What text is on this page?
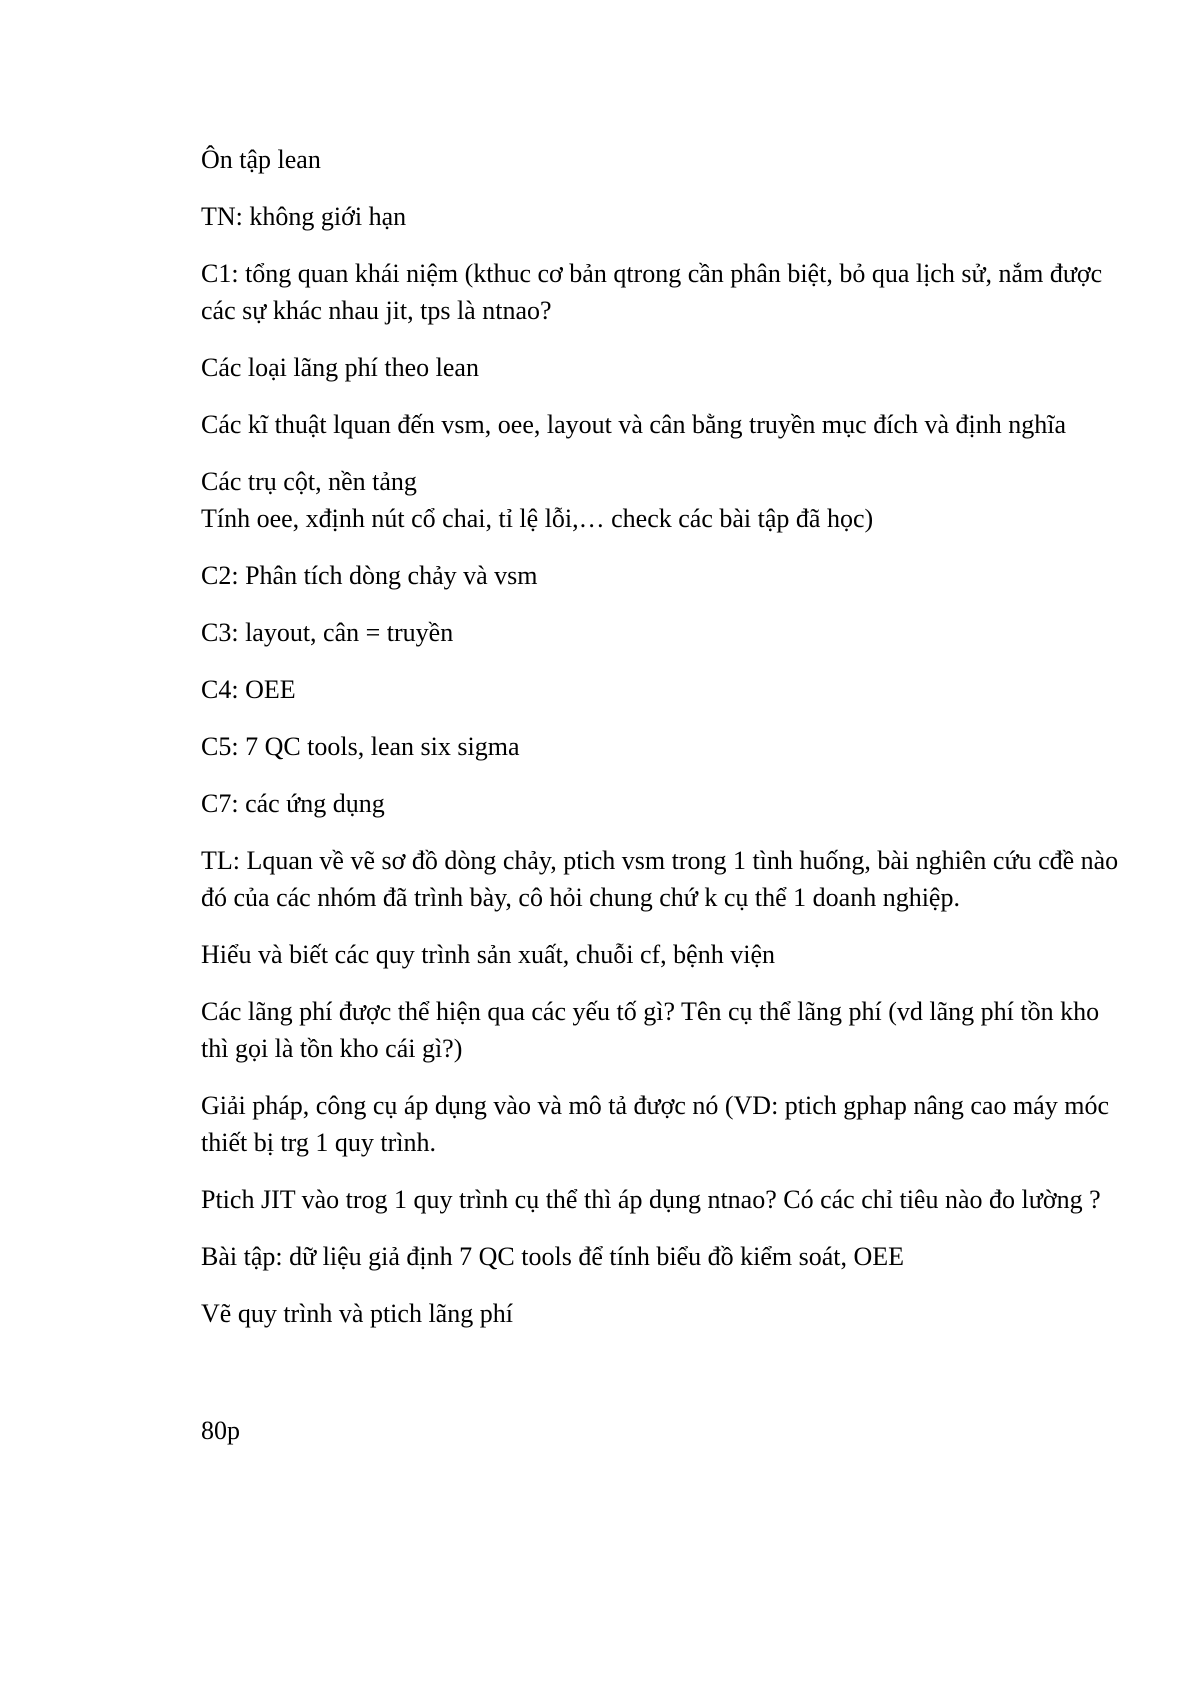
Ôn tập lean

TN: không giới hạn

C1: tổng quan khái niệm (kthuc cơ bản qtrong cần phân biệt, bỏ qua lịch sử, nắm được các sự khác nhau jit, tps là ntnao?

Các loại lãng phí theo lean

Các kĩ thuật lquan đến vsm, oee, layout và cân bằng truyền mục đích và định nghĩa

Các trụ cột, nền tảng

Tính oee, xđịnh nút cổ chai, tỉ lệ lỗi,… check các bài tập đã học)

C2: Phân tích dòng chảy và vsm

C3: layout, cân = truyền

C4: OEE

C5: 7 QC tools, lean six sigma

C7: các ứng dụng

TL: Lquan về vẽ sơ đồ dòng chảy, ptich vsm trong 1 tình huống, bài nghiên cứu cđề nào đó của các nhóm đã trình bày, cô hỏi chung chứ k cụ thể 1 doanh nghiệp.

Hiểu và biết các quy trình sản xuất, chuỗi cf, bệnh viện

Các lãng phí được thể hiện qua các yếu tố gì? Tên cụ thể lãng phí (vd lãng phí tồn kho thì gọi là tồn kho cái gì?)

Giải pháp, công cụ áp dụng vào và mô tả được nó (VD: ptich gphap nâng cao máy móc thiết bị trg 1 quy trình.

Ptich JIT vào trog 1 quy trình cụ thể thì áp dụng ntnao? Có các chỉ tiêu nào đo lường ?

Bài tập: dữ liệu giả định 7 QC tools để tính biểu đồ kiểm soát, OEE

Vẽ quy trình và ptich lãng phí

80p
